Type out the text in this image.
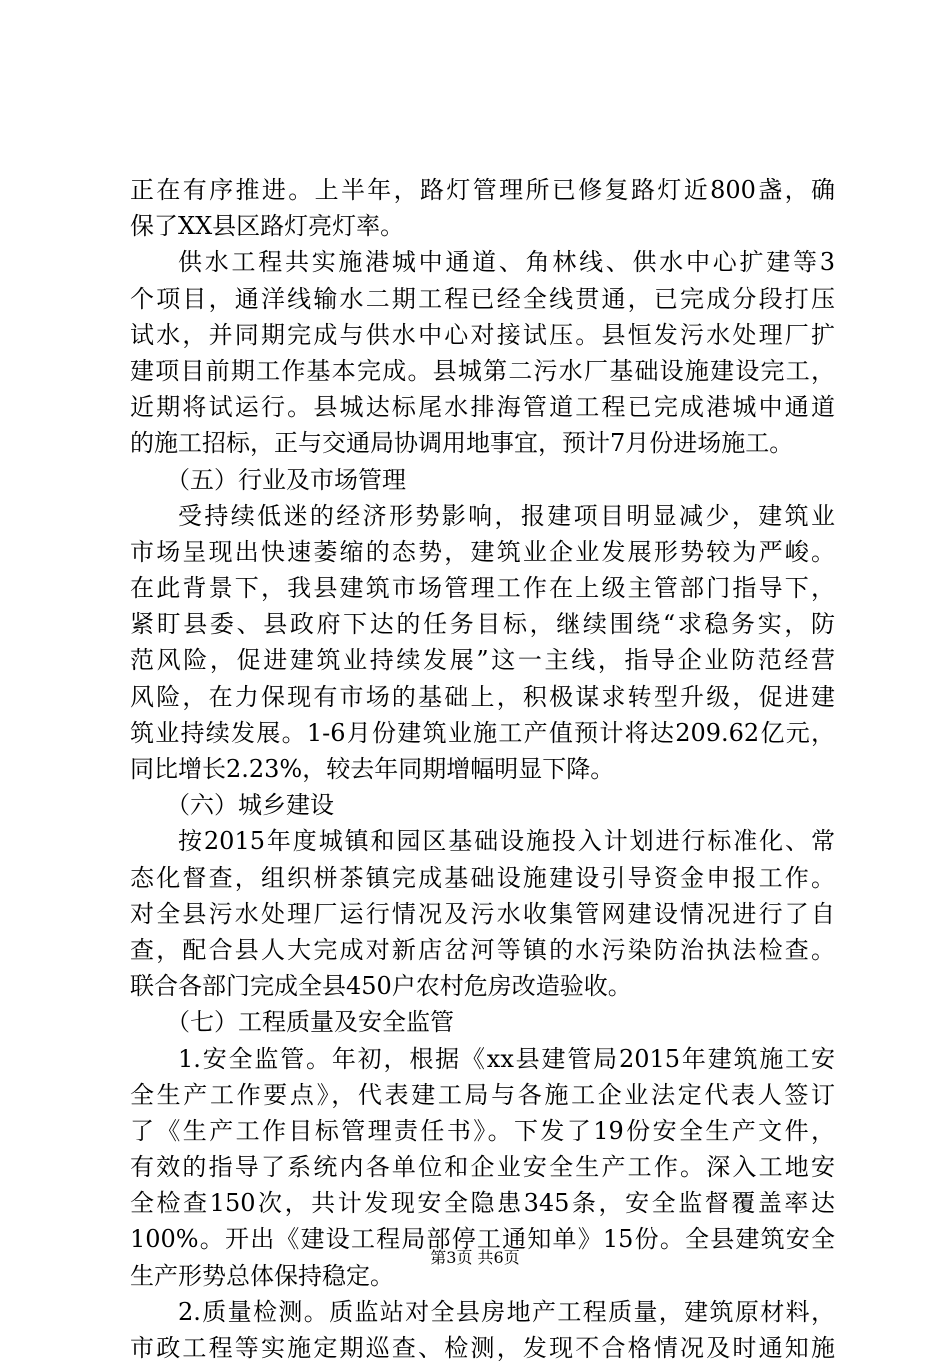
正在有序推进。上半年，路灯管理所已修复路灯近800盏，确
保了XX县区路灯亮灯率。
供水工程共实施港城中通道、角林线、供水中心扩建等3
个项目，通洋线输水二期工程已经全线贯通，已完成分段打压
试水，并同期完成与供水中心对接试压。县恒发污水处理厂扩
建项目前期工作基本完成。县城第二污水厂基础设施建设完工，
近期将试运行。县城达标尾水排海管道工程已完成港城中通道
的施工招标，正与交通局协调用地事宜，预计7月份进场施工。
（五）行业及市场管理
受持续低迷的经济形势影响，报建项目明显减少，建筑业
市场呈现出快速萎缩的态势，建筑业企业发展形势较为严峻。
在此背景下，我县建筑市场管理工作在上级主管部门指导下，
紧盯县委、县政府下达的任务目标，继续围绕“求稳务实，防
范风险，促进建筑业持续发展”这一主线，指导企业防范经营
风险，在力保现有市场的基础上，积极谋求转型升级，促进建
筑业持续发展。1-6月份建筑业施工产值预计将达209.62亿元，
同比增长2.23%，较去年同期增幅明显下降。
（六）城乡建设
按2015年度城镇和园区基础设施投入计划进行标准化、常
态化督查，组织栟茶镇完成基础设施建设引导资金申报工作。
对全县污水处理厂运行情况及污水收集管网建设情况进行了自
查，配合县人大完成对新店岔河等镇的水污染防治执法检查。
联合各部门完成全县450户农村危房改造验收。
（七）工程质量及安全监管
1.安全监管。年初，根据《xx县建管局2015年建筑施工安
全生产工作要点》，代表建工局与各施工企业法定代表人签订
了《生产工作目标管理责任书》。下发了19份安全生产文件，
有效的指导了系统内各单位和企业安全生产工作。深入工地安
全检查150次，共计发现安全隐患345条，安全监督覆盖率达
100%。开出《建设工程局部停工通知单》15份。全县建筑安全
生产形势总体保持稳定。
2.质量检测。质监站对全县房地产工程质量，建筑原材料，
市政工程等实施定期巡查、检测，发现不合格情况及时通知施
第3页 共6页
